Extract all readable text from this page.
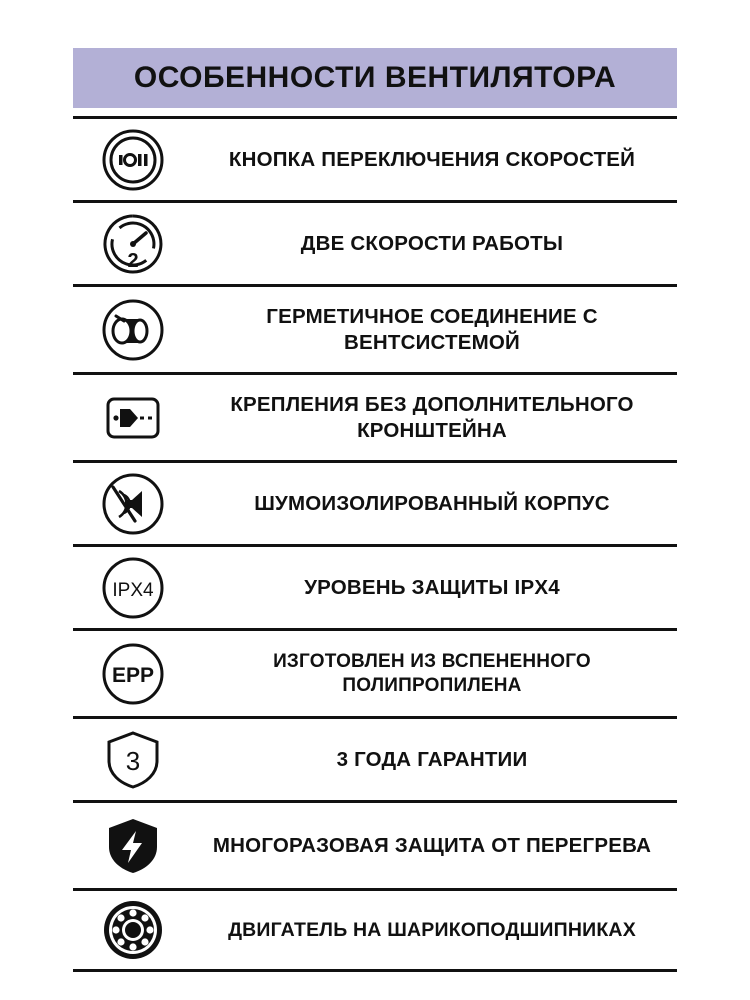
ОСОБЕННОСТИ ВЕНТИЛЯТОРА
КНОПКА ПЕРЕКЛЮЧЕНИЯ СКОРОСТЕЙ
2
ДВЕ СКОРОСТИ РАБОТЫ
ГЕРМЕТИЧНОЕ СОЕДИНЕНИЕ С ВЕНТСИСТЕМОЙ
КРЕПЛЕНИЯ БЕЗ ДОПОЛНИТЕЛЬНОГО КРОНШТЕЙНА
ШУМОИЗОЛИРОВАННЫЙ КОРПУС
IPX4	УРОВЕНЬ ЗАЩИТЫ IPX4
EPP
ИЗГОТОВЛЕН ИЗ ВСПЕНЕННОГО ПОЛИПРОПИЛЕНА
3	3 ГОДА ГАРАНТИИ
МНОГОРАЗОВАЯ ЗАЩИТА ОТ ПЕРЕГРЕВА
ДВИГАТЕЛЬ НА ШАРИКОПОДШИПНИКАХ
